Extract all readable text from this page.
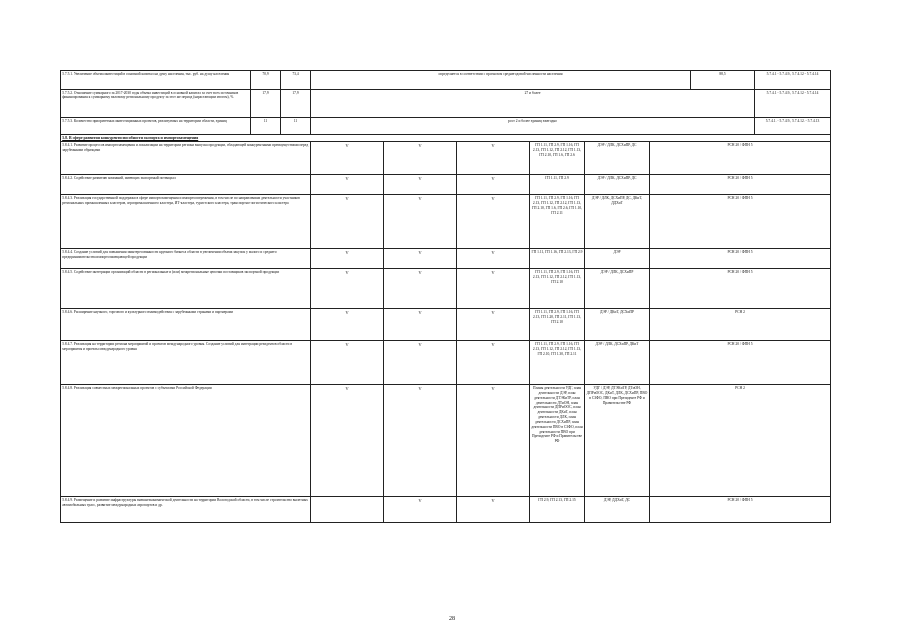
5.7.5.1. Увеличение объема инвестиций в основной капитал на душу населения, тыс. руб. на душу населения	70,9	73,4	определяется в соответствии с прогнозом среднегодовой численности населения						88,5	5.7.4.1 - 5.7.4.9., 5.7.4.12 - 5.7.4.14
5.7.5.2. Отношение суммарного за 2017-2030 годы объема инвестиций в основной капитал за счет всех источников финансирования к суммарному валовому региональному продукту за этот же период (нарастающим итогом), %	17,9	17,9	27 и более							5.7.4.1 - 5.7.4.9., 5.7.4.12 - 5.7.4.14
5.7.5.3. Количество приоритетных инвестиционных проектов, реализуемых на территории области, единиц	11	11	рост 2 и более единиц ежегодно							5.7.4.1. - 5.7.4.9., 5.7.4.12. - 5.7.4.13
5.8. В сфере развития конкурентоспособности экспорта и импортозамещения										
5.8.4.1. Развитие процессов импортозамещения и локализации на территории региона выпуска продукции, обладающей конкурентными преимуществами перед зарубежными образцами			V	V	V	ГП 1.11, ГП 2.9, ГП 1.16, ГП 2.13, ГП 1.12, ГП 2.12, ГП 1.13, ГП 2.10, ГП 1.6, ГП 2.6	ДЭР / ДЛК, ДСХиПР, ДС	РСН 20 / ФПН 5		
5.8.4.2. Содействие развитию компаний, имеющих экспортный потенциал			V	V	V	ГП 1.11, ГП 2.9	ДЭР / ДЛК, ДСХиПР, ДС	РСН 20 / ФПН 5		
5.8.4.3. Реализация государственной поддержки в сфере импортозамещения и импортоопережения, в том числе по направлениям деятельности участников региональных промышленных кластеров, агропромышленного кластера, ИТ-кластера, туристского кластера, транспортно-логистического кластера			V	V	V	ГП 1.11, ГП 2.9, ГП 1.16, ГП 2.13, ГП 1.12, ГП 2.12, ГП 1.13, ГП 2.10, ГП 1.6, ГП 2.6, ГП 1.10, ГП 2.11	ДЭР / ДЛК, ДСХиПР, ДС, ДКиТ, ДДХиТ	РСН 20 / ФПН 5		
5.8.4.4. Создание условий для повышения заинтересованности крупного бизнеса области в увеличении объема закупок у малого и среднего предпринимательства импортозамещающей продукции			V	V	V	ГП 1.11, ГП 1.16, ГП 2.13, ГП 2.9	ДЭР	РСН 20 / ФПН 5		
5.8.4.5. Содействие интеграции организаций области в региональные и (или) межрегиональные цепочки поставщиков экспортной продукции			V	V	V	ГП 1.11, ГП 2.9, ГП 1.16, ГП 2.13, ГП 1.12, ГП 2.12, ГП 1.13, ГП 2.10	ДЭР / ДЛК, ДСХиПР	РСН 20 / ФПН 5		
5.8.4.6. Расширение научного, торгового и культурного взаимодействия с зарубежными странами и партнерами			V	V	V	ГП 1.11, ГП 2.9, ГП 1.16, ГП 2.13, ГП 1.20, ГП 2.11, ГП 1.13, ГП 2.10	ДЭР / ДКиТ, ДСХиПР	РСН 2		
5.8.4.7. Реализация на территории региона мероприятий и проектов международного уровня. Создание условий для интеграции резидентов области в мероприятия и проекты международного уровня			V	V	V	ГП 1.11, ГП 2.9, ГП 1.16, ГП 2.13, ГП 1.12, ГП 2.12, ГП 1.13, ГП 2.10, ГП 1.30, ГП 2.11	ДЭР / ДЛК, ДСХиПР, ДКиТ	РСН 20 / ФПН 5		
5.8.4.8. Реализация совместных межрегиональных проектов с субъектами Российской Федерации			V	V	V	Планы деятельности УДГ, план деятельности ДЭР, план деятельности ДТЭКиТР, план деятельности ДТиОН, план деятельности ДПРиООС, план деятельности ДКиТ, план деятельности ДЛК, план деятельности ДСХиПР, план деятельности ПВО в СЗФО, план деятельности ПВО при Президенте РФ и Правительстве РФ	УДГ / ДЭР, ДТЭКиТР, ДТиОН, ДПРиООС, ДКиТ, ДЛК, ДСХиПР, ПВО в СЗФО, ПВО при Президенте РФ и Правительстве РФ	РСН 2		
5.8.4.9. Размещение и развитие инфраструктуры внешнеэкономической деятельности на территории Вологодской области, в том числе строительство вылетных автомобильных трасс, развитие международных аэропортов и др.				V	V	ГП 2.9, ГП 2.13, ГП 2.15	ДЭР, ДДХиТ, ДС	РСН 20 / ФПН 5		
28
